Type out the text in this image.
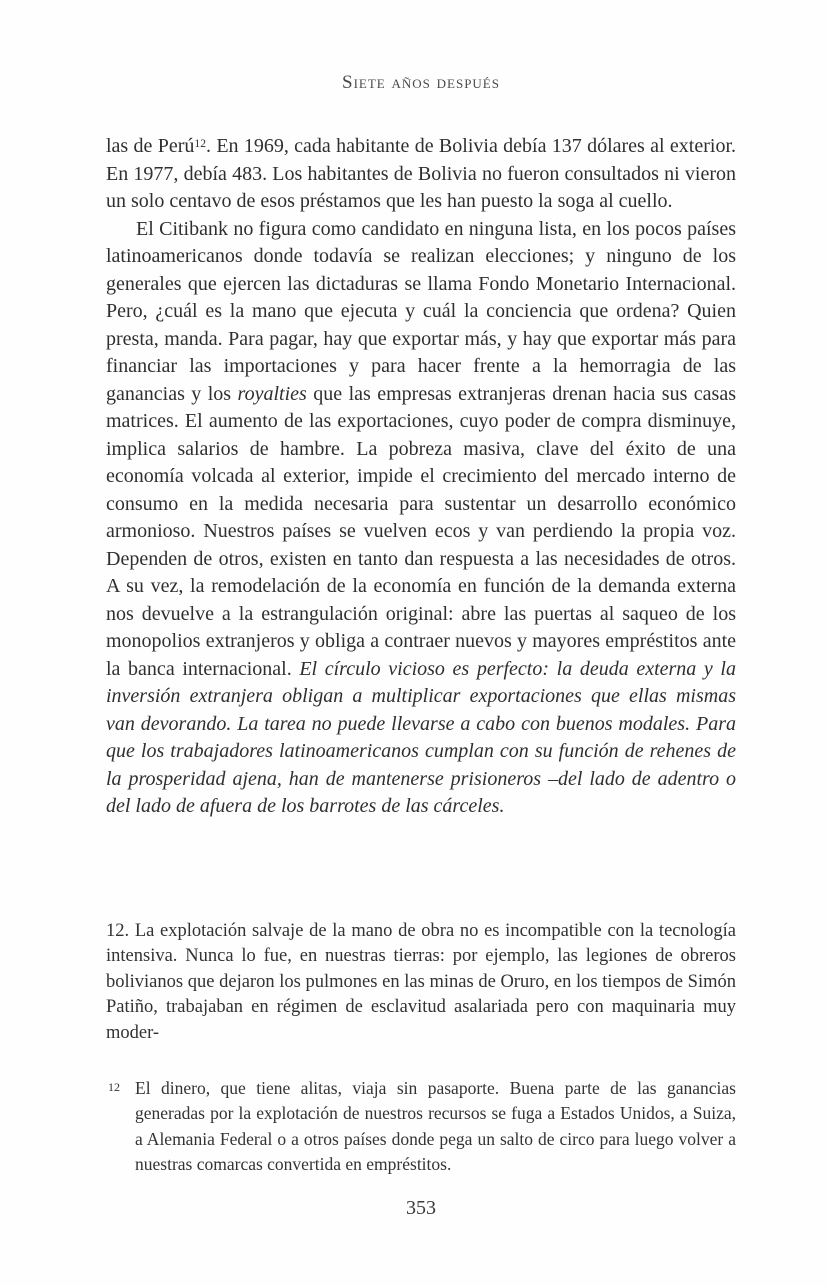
Siete años después

las de Perú$^{12}$. En 1969, cada habitante de Bolivia debía 137 dólares al exterior. En 1977, debía 483. Los habitantes de Bolivia no fueron consultados ni vieron un solo centavo de esos préstamos que les han puesto la soga al cuello.

El Citibank no figura como candidato en ninguna lista, en los pocos países latinoamericanos donde todavía se realizan elecciones; y ninguno de los generales que ejercen las dictaduras se llama Fondo Monetario Internacional. Pero, ¿cuál es la mano que ejecuta y cuál la conciencia que ordena? Quien presta, manda. Para pagar, hay que exportar más, y hay que exportar más para financiar las importaciones y para hacer frente a la hemorragia de las ganancias y los royalties que las empresas extranjeras drenan hacia sus casas matrices. El aumento de las exportaciones, cuyo poder de compra disminuye, implica salarios de hambre. La pobreza masiva, clave del éxito de una economía volcada al exterior, impide el crecimiento del mercado interno de consumo en la medida necesaria para sustentar un desarrollo económico armonioso. Nuestros países se vuelven ecos y van perdiendo la propia voz. Dependen de otros, existen en tanto dan respuesta a las necesidades de otros. A su vez, la remodelación de la economía en función de la demanda externa nos devuelve a la estrangulación original: abre las puertas al saqueo de los monopolios extranjeros y obliga a contraer nuevos y mayores empréstitos ante la banca internacional. El círculo vicioso es perfecto: la deuda externa y la inversión extranjera obligan a multiplicar exportaciones que ellas mismas van devorando. La tarea no puede llevarse a cabo con buenos modales. Para que los trabajadores latinoamericanos cumplan con su función de rehenes de la prosperidad ajena, han de mantenerse prisioneros –del lado de adentro o del lado de afuera de los barrotes de las cárceles.

12. La explotación salvaje de la mano de obra no es incompatible con la tecnología intensiva. Nunca lo fue, en nuestras tierras: por ejemplo, las legiones de obreros bolivianos que dejaron los pulmones en las minas de Oruro, en los tiempos de Simón Patiño, trabajaban en régimen de esclavitud asalariada pero con maquinaria muy moder-

12 El dinero, que tiene alitas, viaja sin pasaporte. Buena parte de las ganancias generadas por la explotación de nuestros recursos se fuga a Estados Unidos, a Suiza, a Alemania Federal o a otros países donde pega un salto de circo para luego volver a nuestras comarcas convertida en empréstitos.
353
